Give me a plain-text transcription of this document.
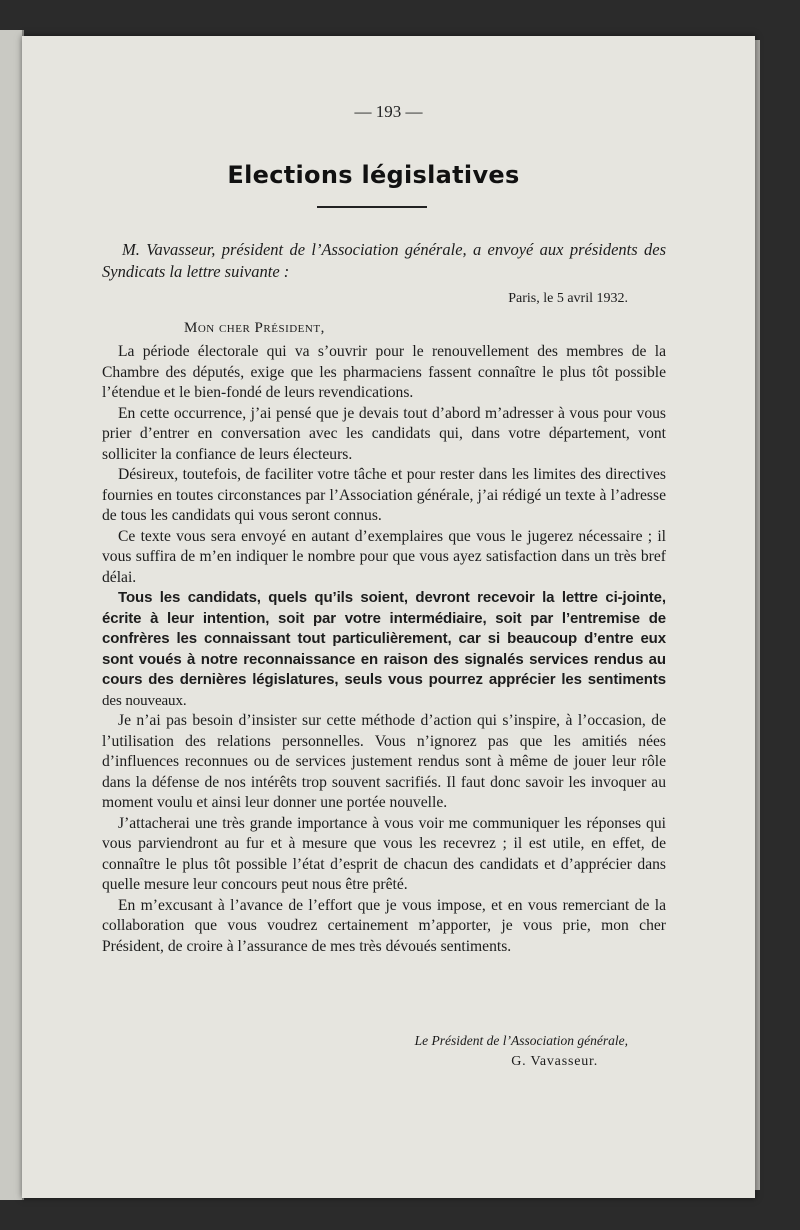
— 193 —
Elections législatives
M. Vavasseur, président de l’Association générale, a envoyé aux présidents des Syndicats la lettre suivante :
Paris, le 5 avril 1932.
Mon cher Président,

La période électorale qui va s’ouvrir pour le renouvellement des membres de la Chambre des députés, exige que les pharmaciens fassent connaître le plus tôt possible l’étendue et le bien-fondé de leurs revendications.

En cette occurrence, j’ai pensé que je devais tout d’abord m’adresser à vous pour vous prier d’entrer en conversation avec les candidats qui, dans votre département, vont solliciter la confiance de leurs électeurs.

Désireux, toutefois, de faciliter votre tâche et pour rester dans les limites des directives fournies en toutes circonstances par l’Association générale, j’ai rédigé un texte à l’adresse de tous les candidats qui vous seront connus.

Ce texte vous sera envoyé en autant d’exemplaires que vous le jugerez nécessaire ; il vous suffira de m’en indiquer le nombre pour que vous ayez satisfaction dans un très bref délai.

Tous les candidats, quels qu’ils soient, devront recevoir la lettre ci-jointe, écrite à leur intention, soit par votre intermédiaire, soit par l’entremise de confrères les connaissant tout particulièrement, car si beaucoup d’entre eux sont voués à notre reconnaissance en raison des signalés services rendus au cours des dernières législatures, seuls vous pourrez apprécier les sentiments des nouveaux.

Je n’ai pas besoin d’insister sur cette méthode d’action qui s’inspire, à l’occasion, de l’utilisation des relations personnelles. Vous n’ignorez pas que les amitiés nées d’influences reconnues ou de services justement rendus sont à même de jouer leur rôle dans la défense de nos intérêts trop souvent sacrifiés. Il faut donc savoir les invoquer au moment voulu et ainsi leur donner une portée nouvelle.

J’attacherai une très grande importance à vous voir me communiquer les réponses qui vous parviendront au fur et à mesure que vous les recevrez ; il est utile, en effet, de connaître le plus tôt possible l’état d’esprit de chacun des candidats et d’apprécier dans quelle mesure leur concours peut nous être prêté.

En m’excusant à l’avance de l’effort que je vous impose, et en vous remerciant de la collaboration que vous voudrez certainement m’apporter, je vous prie, mon cher Président, de croire à l’assurance de mes très dévoués sentiments.

Le Président de l’Association générale,
G. Vavasseur.
